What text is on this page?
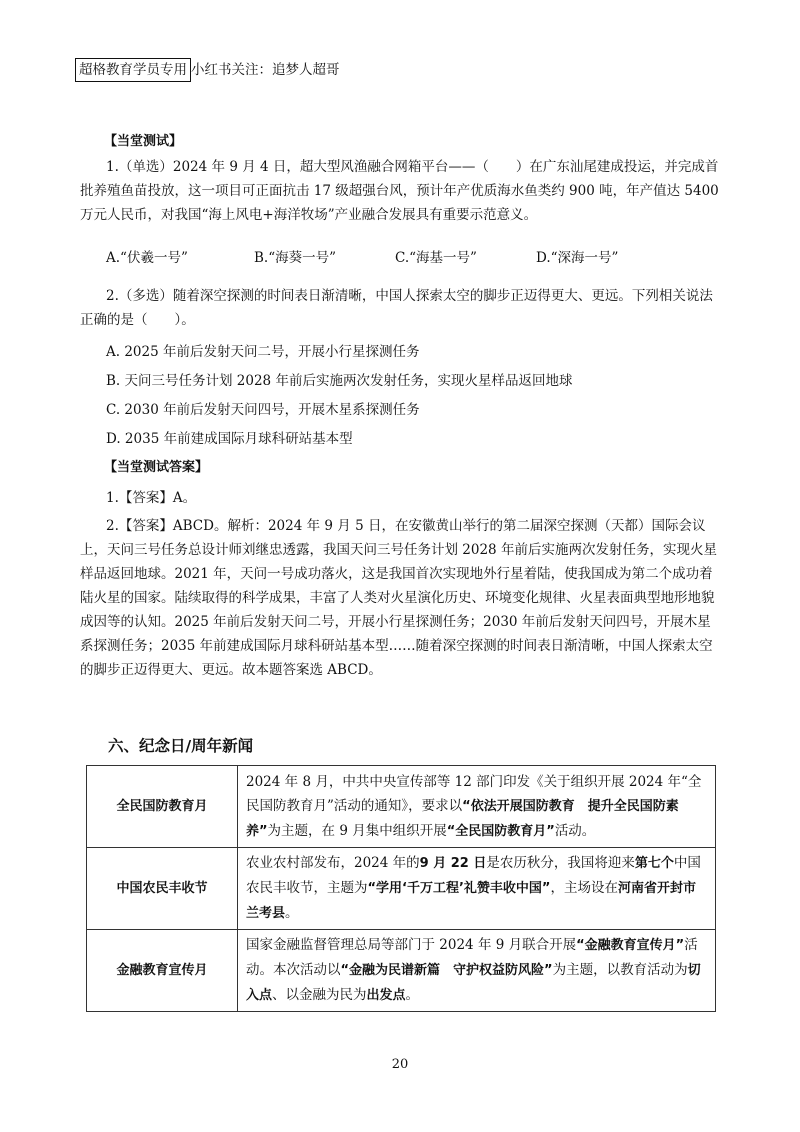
超格教育学员专用 小红书关注：追梦人超哥

【当堂测试】

1.（单选）2024 年 9 月 4 日，超大型风渔融合网箱平台——（　　）在广东汕尾建成投运，并完成首批养殖鱼苗投放，这一项目可正面抗击 17 级超强台风，预计年产优质海水鱼类约 900 吨，年产值达 5400 万元人民币，对我国“海上风电+海洋牧场”产业融合发展具有重要示范意义。

A.“伏羲一号”	B.“海葵一号”	C.“海基一号”	D.“深海一号”

2.（多选）随着深空探测的时间表日渐清晰，中国人探索太空的脚步正迈得更大、更远。下列相关说法正确的是（　　）。

A. 2025 年前后发射天问二号，开展小行星探测任务

B. 天问三号任务计划 2028 年前后实施两次发射任务，实现火星样品返回地球

C. 2030 年前后发射天问四号，开展木星系探测任务

D. 2035 年前建成国际月球科研站基本型

【当堂测试答案】

1.【答案】A。

2.【答案】ABCD。解析：2024 年 9 月 5 日，在安徽黄山举行的第二届深空探测（天都）国际会议上，天问三号任务总设计师刘继忠透露，我国天问三号任务计划 2028 年前后实施两次发射任务，实现火星样品返回地球。2021 年，天问一号成功落火，这是我国首次实现地外行星着陆，使我国成为第二个成功着陆火星的国家。陆续取得的科学成果，丰富了人类对火星演化历史、环境变化规律、火星表面典型地形地貌成因等的认知。2025 年前后发射天问二号，开展小行星探测任务；2030 年前后发射天问四号，开展木星系探测任务；2035 年前建成国际月球科研站基本型……随着深空探测的时间表日渐清晰，中国人探索太空的脚步正迈得更大、更远。故本题答案选 ABCD。

六、纪念日/周年新闻
全民国防教育月	2024 年 8 月，中共中央宣传部等 12 部门印发《关于组织开展 2024 年“全民国防教育月”活动的通知》，要求以“依法开展国防教育　提升全民国防素养”为主题，在 9 月集中组织开展“全民国防教育月”活动。
中国农民丰收节	农业农村部发布，2024 年的9 月 22 日是农历秋分，我国将迎来第七个中国农民丰收节，主题为“学用‘千万工程’礼赞丰收中国”，主场设在河南省开封市兰考县。
金融教育宣传月	国家金融监督管理总局等部门于 2024 年 9 月联合开展“金融教育宣传月”活动。本次活动以“金融为民谱新篇　守护权益防风险”为主题，以教育活动为切入点、以金融为民为出发点。
20
